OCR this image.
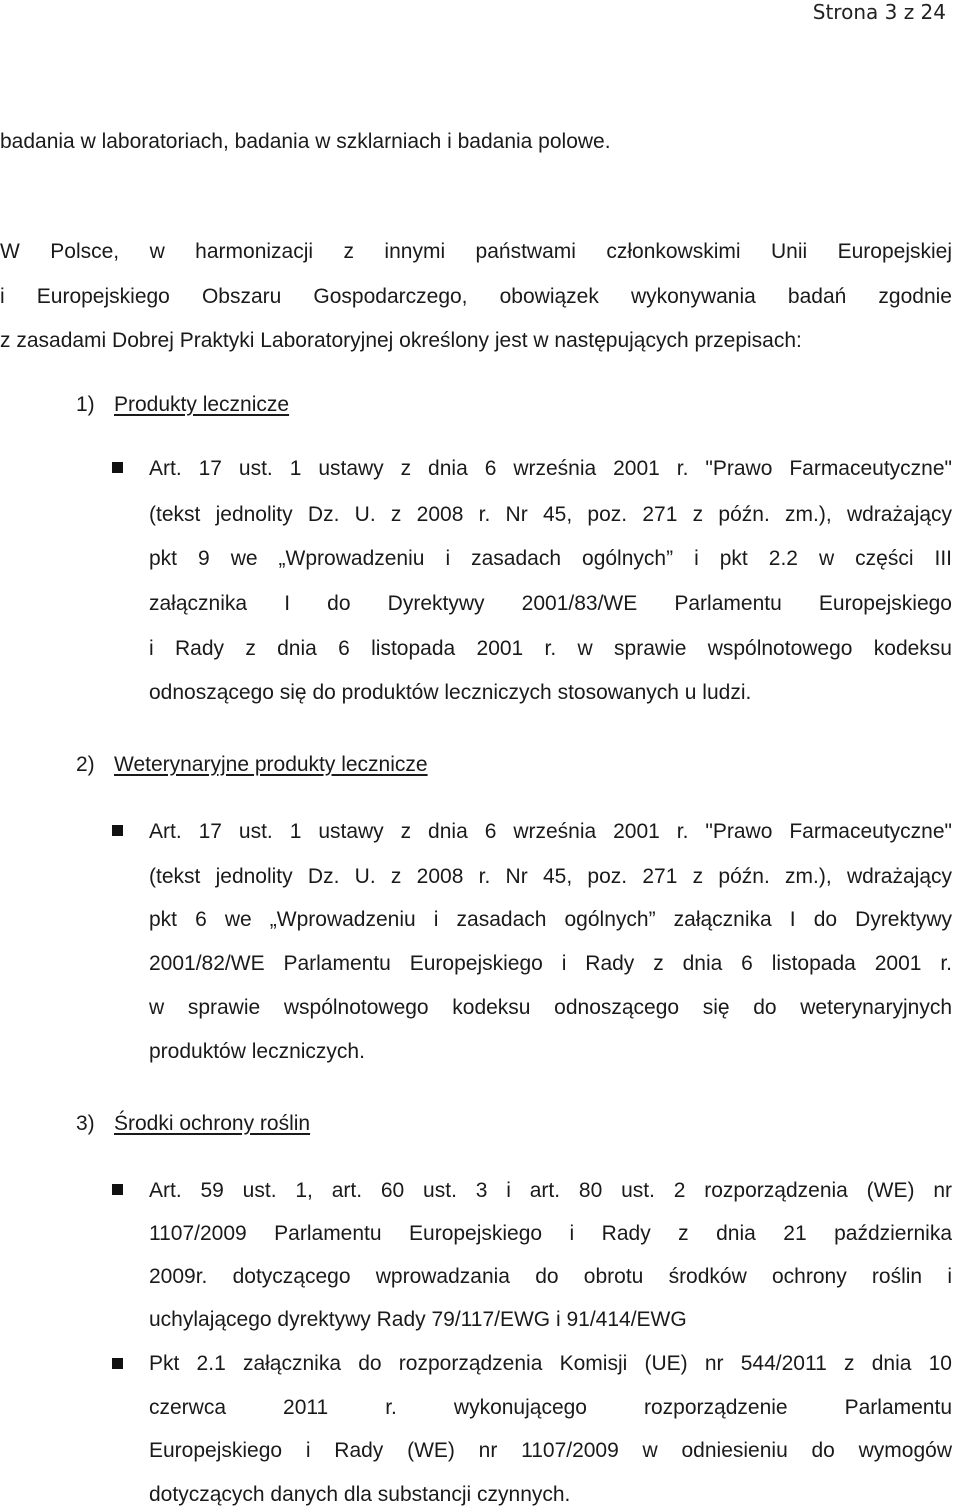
Strona 3 z 24
badania w laboratoriach, badania w szklarniach i badania polowe.
W Polsce, w harmonizacji z innymi państwami członkowskimi Unii Europejskiej
i Europejskiego Obszaru Gospodarczego, obowiązek wykonywania badań zgodnie
z zasadami Dobrej Praktyki Laboratoryjnej określony jest w następujących przepisach:
1) Produkty lecznicze
Art. 17 ust. 1 ustawy z dnia 6 września 2001 r. "Prawo Farmaceutyczne"
(tekst jednolity Dz. U. z 2008 r. Nr 45, poz. 271 z późn. zm.), wdrażający
pkt 9 we „Wprowadzeniu i zasadach ogólnych” i pkt 2.2 w części III
załącznika I do Dyrektywy 2001/83/WE Parlamentu Europejskiego
i Rady z dnia 6 listopada 2001 r. w sprawie wspólnotowego kodeksu
odnoszącego się do produktów leczniczych stosowanych u ludzi.
2) Weterynaryjne produkty lecznicze
Art. 17 ust. 1 ustawy z dnia 6 września 2001 r. "Prawo Farmaceutyczne"
(tekst jednolity Dz. U. z 2008 r. Nr 45, poz. 271 z późn. zm.), wdrażający
pkt 6 we „Wprowadzeniu i zasadach ogólnych” załącznika I do Dyrektywy
2001/82/WE Parlamentu Europejskiego i Rady z dnia 6 listopada 2001 r.
w sprawie wspólnotowego kodeksu odnoszącego się do weterynaryjnych
produktów leczniczych.
3) Środki ochrony roślin
Art. 59 ust. 1, art. 60 ust. 3 i art. 80 ust. 2 rozporządzenia (WE) nr
1107/2009 Parlamentu Europejskiego i Rady z dnia 21 października
2009r. dotyczącego wprowadzania do obrotu środków ochrony roślin i
uchylającego dyrektywy Rady 79/117/EWG i 91/414/EWG
Pkt 2.1 załącznika do rozporządzenia Komisji (UE) nr 544/2011 z dnia 10
czerwca 2011 r. wykonującego rozporządzenie Parlamentu
Europejskiego i Rady (WE) nr 1107/2009 w odniesieniu do wymogów
dotyczących danych dla substancji czynnych.
